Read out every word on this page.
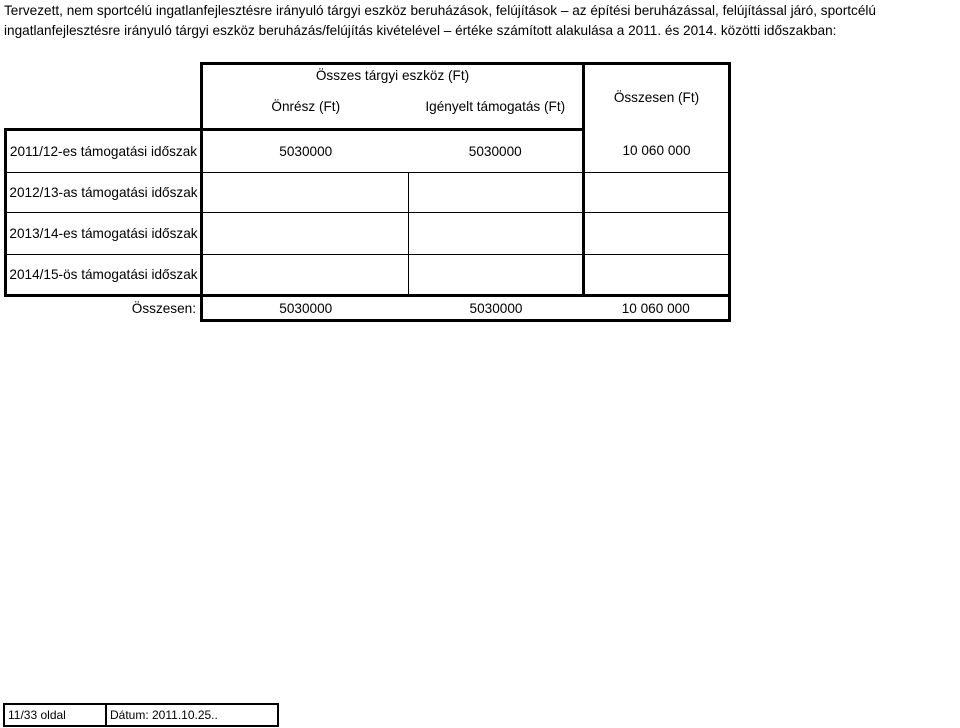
Tervezett, nem sportcélú ingatlanfejlesztésre irányuló tárgyi eszköz beruházások, felújítások – az építési beruházással, felújítással járó, sportcélú
ingatlanfejlesztésre irányuló tárgyi eszköz beruházás/felújítás kivételével – értéke számított alakulása a 2011. és 2014. közötti időszakban:
	Összes tárgyi eszköz (Ft)		Összesen (Ft)
	Önrész (Ft)	Igényelt támogatás (Ft)	
2011/12-es támogatási időszak	5030000	5030000	10 060 000
2012/13-as támogatási időszak			
2013/14-es támogatási időszak			
2014/15-ös támogatási időszak			
Összesen:	5030000	5030000	10 060 000
11/33 oldal	Dátum: 2011.10.25..
